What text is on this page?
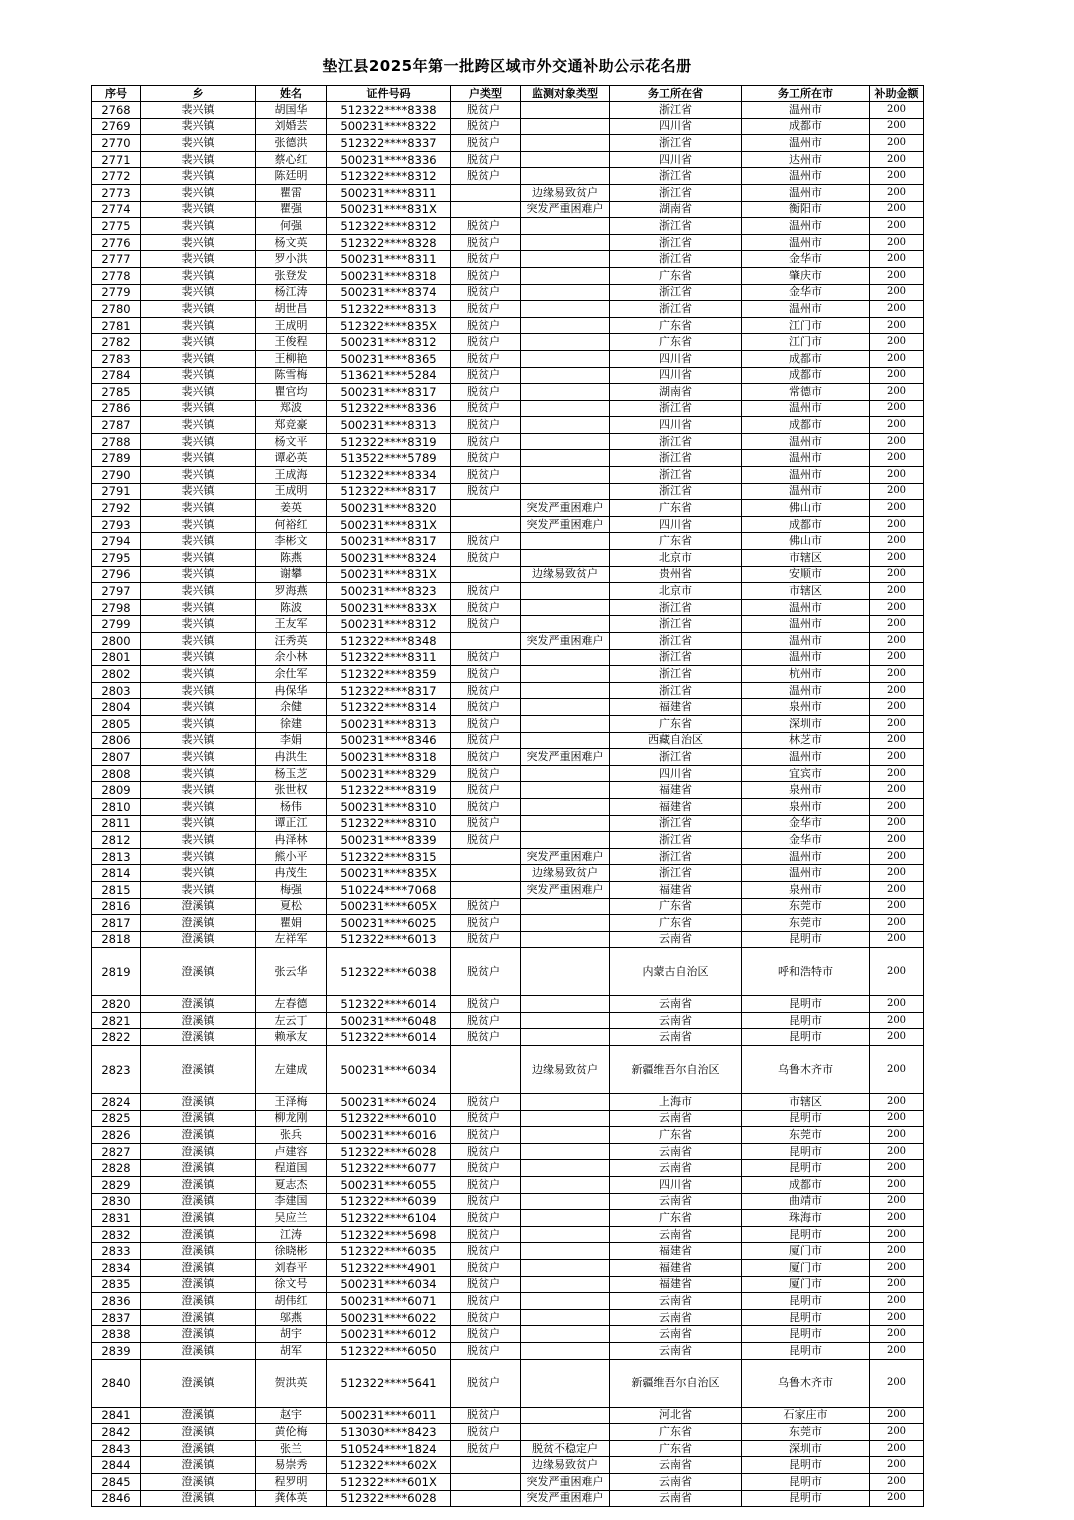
垫江县2025年第一批跨区域市外交通补助公示花名册
序号	乡	姓名	证件号码	户类型	监测对象类型	务工所在省	务工所在市	补助金额
2768	裴兴镇	胡国华	512322****8338	脱贫户		浙江省	温州市	200
2769	裴兴镇	刘婚芸	500231****8322	脱贫户		四川省	成都市	200
2770	裴兴镇	张德洪	512322****8337	脱贫户		浙江省	温州市	200
2771	裴兴镇	蔡心红	500231****8336	脱贫户		四川省	达州市	200
2772	裴兴镇	陈廷明	512322****8312	脱贫户		浙江省	温州市	200
2773	裴兴镇	瞿雷	500231****8311		边缘易致贫户	浙江省	温州市	200
2774	裴兴镇	瞿强	500231****831X		突发严重困难户	湖南省	衡阳市	200
2775	裴兴镇	何强	512322****8312	脱贫户		浙江省	温州市	200
2776	裴兴镇	杨文英	512322****8328	脱贫户		浙江省	温州市	200
2777	裴兴镇	罗小洪	500231****8311	脱贫户		浙江省	金华市	200
2778	裴兴镇	张登发	500231****8318	脱贫户		广东省	肇庆市	200
2779	裴兴镇	杨江涛	500231****8374	脱贫户		浙江省	金华市	200
2780	裴兴镇	胡世昌	512322****8313	脱贫户		浙江省	温州市	200
2781	裴兴镇	王成明	512322****835X	脱贫户		广东省	江门市	200
2782	裴兴镇	王俊程	500231****8312	脱贫户		广东省	江门市	200
2783	裴兴镇	王柳艳	500231****8365	脱贫户		四川省	成都市	200
2784	裴兴镇	陈雪梅	513621****5284	脱贫户		四川省	成都市	200
2785	裴兴镇	瞿官均	500231****8317	脱贫户		湖南省	常德市	200
2786	裴兴镇	郑波	512322****8336	脱贫户		浙江省	温州市	200
2787	裴兴镇	郑竞豪	500231****8313	脱贫户		四川省	成都市	200
2788	裴兴镇	杨文平	512322****8319	脱贫户		浙江省	温州市	200
2789	裴兴镇	谭必英	513522****5789	脱贫户		浙江省	温州市	200
2790	裴兴镇	王成海	512322****8334	脱贫户		浙江省	温州市	200
2791	裴兴镇	王成明	512322****8317	脱贫户		浙江省	温州市	200
2792	裴兴镇	姜英	500231****8320		突发严重困难户	广东省	佛山市	200
2793	裴兴镇	何裕红	500231****831X		突发严重困难户	四川省	成都市	200
2794	裴兴镇	李彬文	500231****8317	脱贫户		广东省	佛山市	200
2795	裴兴镇	陈燕	500231****8324	脱贫户		北京市	市辖区	200
2796	裴兴镇	谢攀	500231****831X		边缘易致贫户	贵州省	安顺市	200
2797	裴兴镇	罗海燕	500231****8323	脱贫户		北京市	市辖区	200
2798	裴兴镇	陈波	500231****833X	脱贫户		浙江省	温州市	200
2799	裴兴镇	王友军	500231****8312	脱贫户		浙江省	温州市	200
2800	裴兴镇	汪秀英	512322****8348		突发严重困难户	浙江省	温州市	200
2801	裴兴镇	余小林	512322****8311	脱贫户		浙江省	温州市	200
2802	裴兴镇	余仕军	512322****8359	脱贫户		浙江省	杭州市	200
2803	裴兴镇	冉保华	512322****8317	脱贫户		浙江省	温州市	200
2804	裴兴镇	余健	512322****8314	脱贫户		福建省	泉州市	200
2805	裴兴镇	徐建	500231****8313	脱贫户		广东省	深圳市	200
2806	裴兴镇	李娟	500231****8346	脱贫户		西藏自治区	林芝市	200
2807	裴兴镇	冉洪生	500231****8318	脱贫户	突发严重困难户	浙江省	温州市	200
2808	裴兴镇	杨玉芝	500231****8329	脱贫户		四川省	宜宾市	200
2809	裴兴镇	张世权	512322****8319	脱贫户		福建省	泉州市	200
2810	裴兴镇	杨伟	500231****8310	脱贫户		福建省	泉州市	200
2811	裴兴镇	谭正江	512322****8310	脱贫户		浙江省	金华市	200
2812	裴兴镇	冉泽林	500231****8339	脱贫户		浙江省	金华市	200
2813	裴兴镇	熊小平	512322****8315		突发严重困难户	浙江省	温州市	200
2814	裴兴镇	冉茂生	500231****835X		边缘易致贫户	浙江省	温州市	200
2815	裴兴镇	梅强	510224****7068		突发严重困难户	福建省	泉州市	200
2816	澄溪镇	夏松	500231****605X	脱贫户		广东省	东莞市	200
2817	澄溪镇	瞿娟	500231****6025	脱贫户		广东省	东莞市	200
2818	澄溪镇	左祥军	512322****6013	脱贫户		云南省	昆明市	200
2819	澄溪镇	张云华	512322****6038	脱贫户		内蒙古自治区	呼和浩特市	200
2820	澄溪镇	左春德	512322****6014	脱贫户		云南省	昆明市	200
2821	澄溪镇	左云丁	500231****6048	脱贫户		云南省	昆明市	200
2822	澄溪镇	赖承友	512322****6014	脱贫户		云南省	昆明市	200
2823	澄溪镇	左建成	500231****6034		边缘易致贫户	新疆维吾尔自治区	乌鲁木齐市	200
2824	澄溪镇	王泽梅	500231****6024	脱贫户		上海市	市辖区	200
2825	澄溪镇	柳龙刚	512322****6010	脱贫户		云南省	昆明市	200
2826	澄溪镇	张兵	500231****6016	脱贫户		广东省	东莞市	200
2827	澄溪镇	卢建容	512322****6028	脱贫户		云南省	昆明市	200
2828	澄溪镇	程道国	512322****6077	脱贫户		云南省	昆明市	200
2829	澄溪镇	夏志杰	500231****6055	脱贫户		四川省	成都市	200
2830	澄溪镇	李建国	512322****6039	脱贫户		云南省	曲靖市	200
2831	澄溪镇	吴应兰	512322****6104	脱贫户		广东省	珠海市	200
2832	澄溪镇	江涛	512322****5698	脱贫户		云南省	昆明市	200
2833	澄溪镇	徐晓彬	512322****6035	脱贫户		福建省	厦门市	200
2834	澄溪镇	刘春平	512322****4901	脱贫户		福建省	厦门市	200
2835	澄溪镇	徐文号	500231****6034	脱贫户		福建省	厦门市	200
2836	澄溪镇	胡伟红	500231****6071	脱贫户		云南省	昆明市	200
2837	澄溪镇	邬燕	500231****6022	脱贫户		云南省	昆明市	200
2838	澄溪镇	胡宇	500231****6012	脱贫户		云南省	昆明市	200
2839	澄溪镇	胡军	512322****6050	脱贫户		云南省	昆明市	200
2840	澄溪镇	贺洪英	512322****5641	脱贫户		新疆维吾尔自治区	乌鲁木齐市	200
2841	澄溪镇	赵宇	500231****6011	脱贫户		河北省	石家庄市	200
2842	澄溪镇	黄伦梅	513030****8423	脱贫户		广东省	东莞市	200
2843	澄溪镇	张兰	510524****1824	脱贫户	脱贫不稳定户	广东省	深圳市	200
2844	澄溪镇	易崇秀	512322****602X		边缘易致贫户	云南省	昆明市	200
2845	澄溪镇	程罗明	512322****601X		突发严重困难户	云南省	昆明市	200
2846	澄溪镇	龚体英	512322****6028		突发严重困难户	云南省	昆明市	200
